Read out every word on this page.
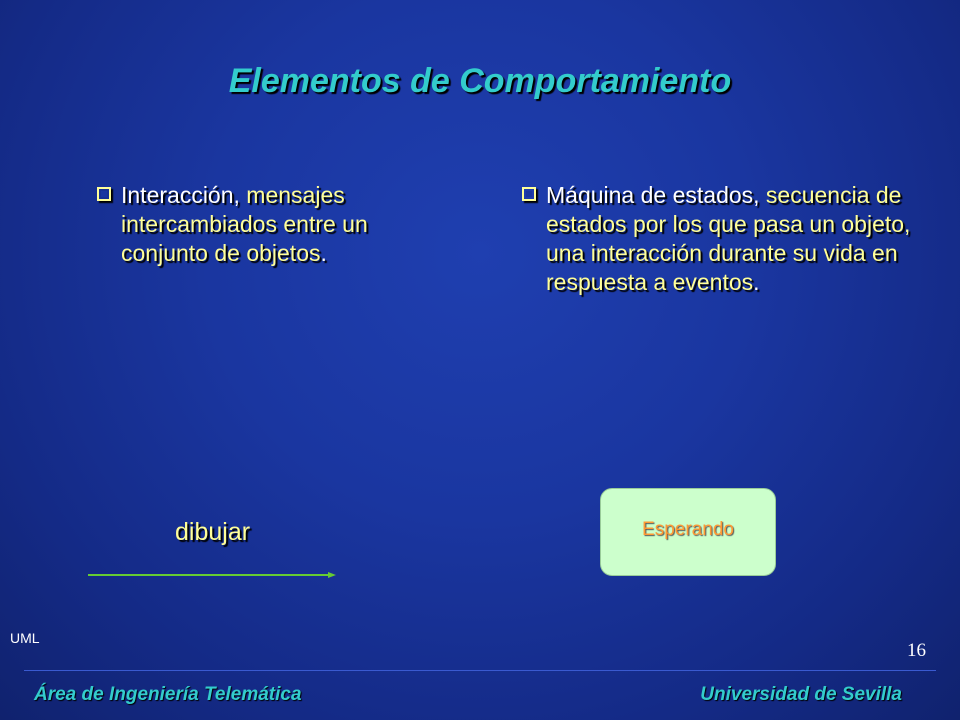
Elementos de Comportamiento
Interacción, mensajes intercambiados entre un conjunto de objetos.
Máquina de estados, secuencia de estados por los que pasa un objeto, una interacción durante su vida en respuesta a eventos.
dibujar	Esperando
UML
16
Área de Ingeniería Telemática	Universidad de Sevilla
